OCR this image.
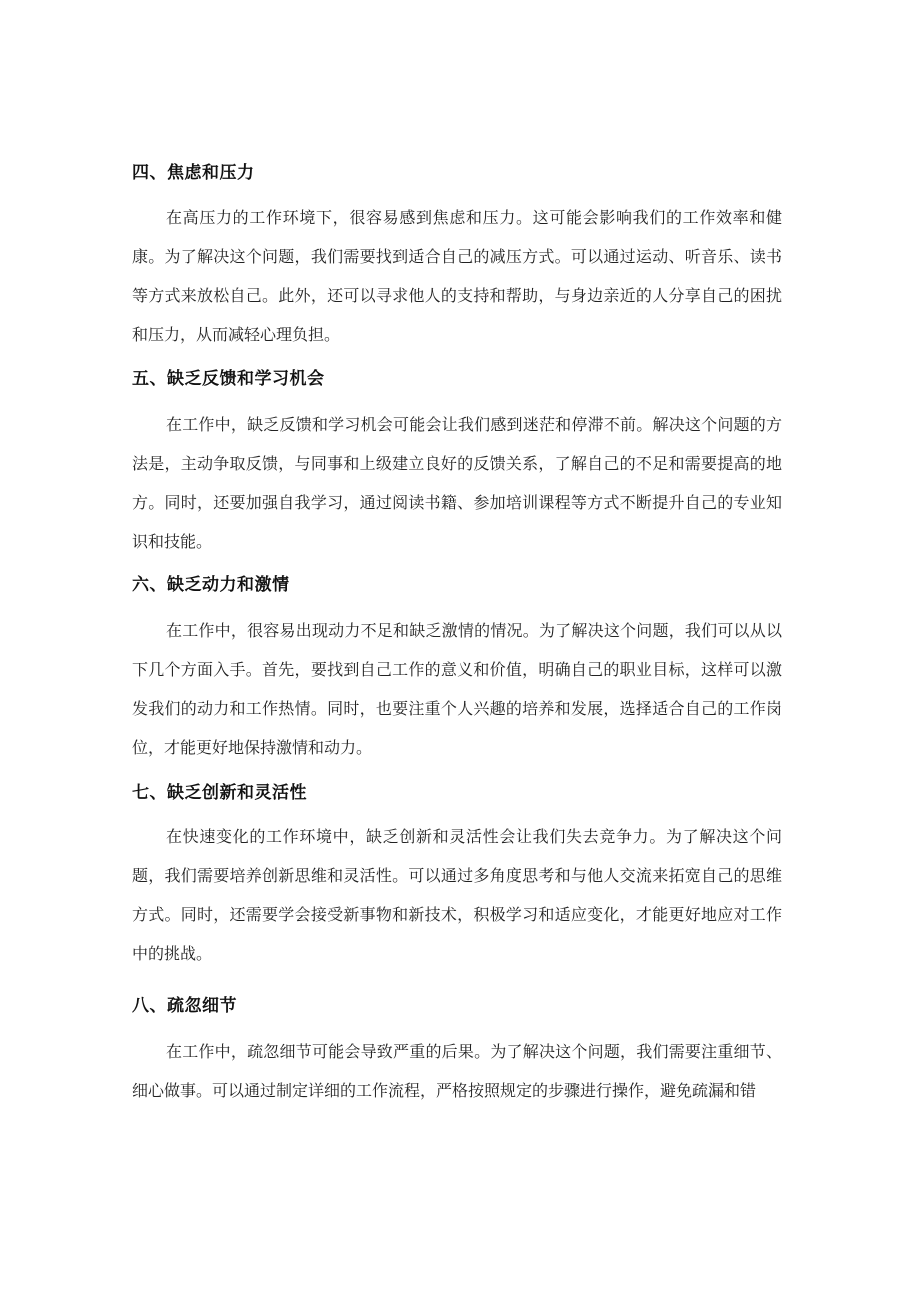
四、焦虑和压力

在高压力的工作环境下，很容易感到焦虑和压力。这可能会影响我们的工作效率和健康。为了解决这个问题，我们需要找到适合自己的减压方式。可以通过运动、听音乐、读书等方式来放松自己。此外，还可以寻求他人的支持和帮助，与身边亲近的人分享自己的困扰和压力，从而减轻心理负担。

五、缺乏反馈和学习机会

在工作中，缺乏反馈和学习机会可能会让我们感到迷茫和停滞不前。解决这个问题的方法是，主动争取反馈，与同事和上级建立良好的反馈关系，了解自己的不足和需要提高的地方。同时，还要加强自我学习，通过阅读书籍、参加培训课程等方式不断提升自己的专业知识和技能。

六、缺乏动力和激情

在工作中，很容易出现动力不足和缺乏激情的情况。为了解决这个问题，我们可以从以下几个方面入手。首先，要找到自己工作的意义和价值，明确自己的职业目标，这样可以激发我们的动力和工作热情。同时，也要注重个人兴趣的培养和发展，选择适合自己的工作岗位，才能更好地保持激情和动力。

七、缺乏创新和灵活性

在快速变化的工作环境中，缺乏创新和灵活性会让我们失去竞争力。为了解决这个问题，我们需要培养创新思维和灵活性。可以通过多角度思考和与他人交流来拓宽自己的思维方式。同时，还需要学会接受新事物和新技术，积极学习和适应变化，才能更好地应对工作中的挑战。

八、疏忽细节

在工作中，疏忽细节可能会导致严重的后果。为了解决这个问题，我们需要注重细节、细心做事。可以通过制定详细的工作流程，严格按照规定的步骤进行操作，避免疏漏和错
